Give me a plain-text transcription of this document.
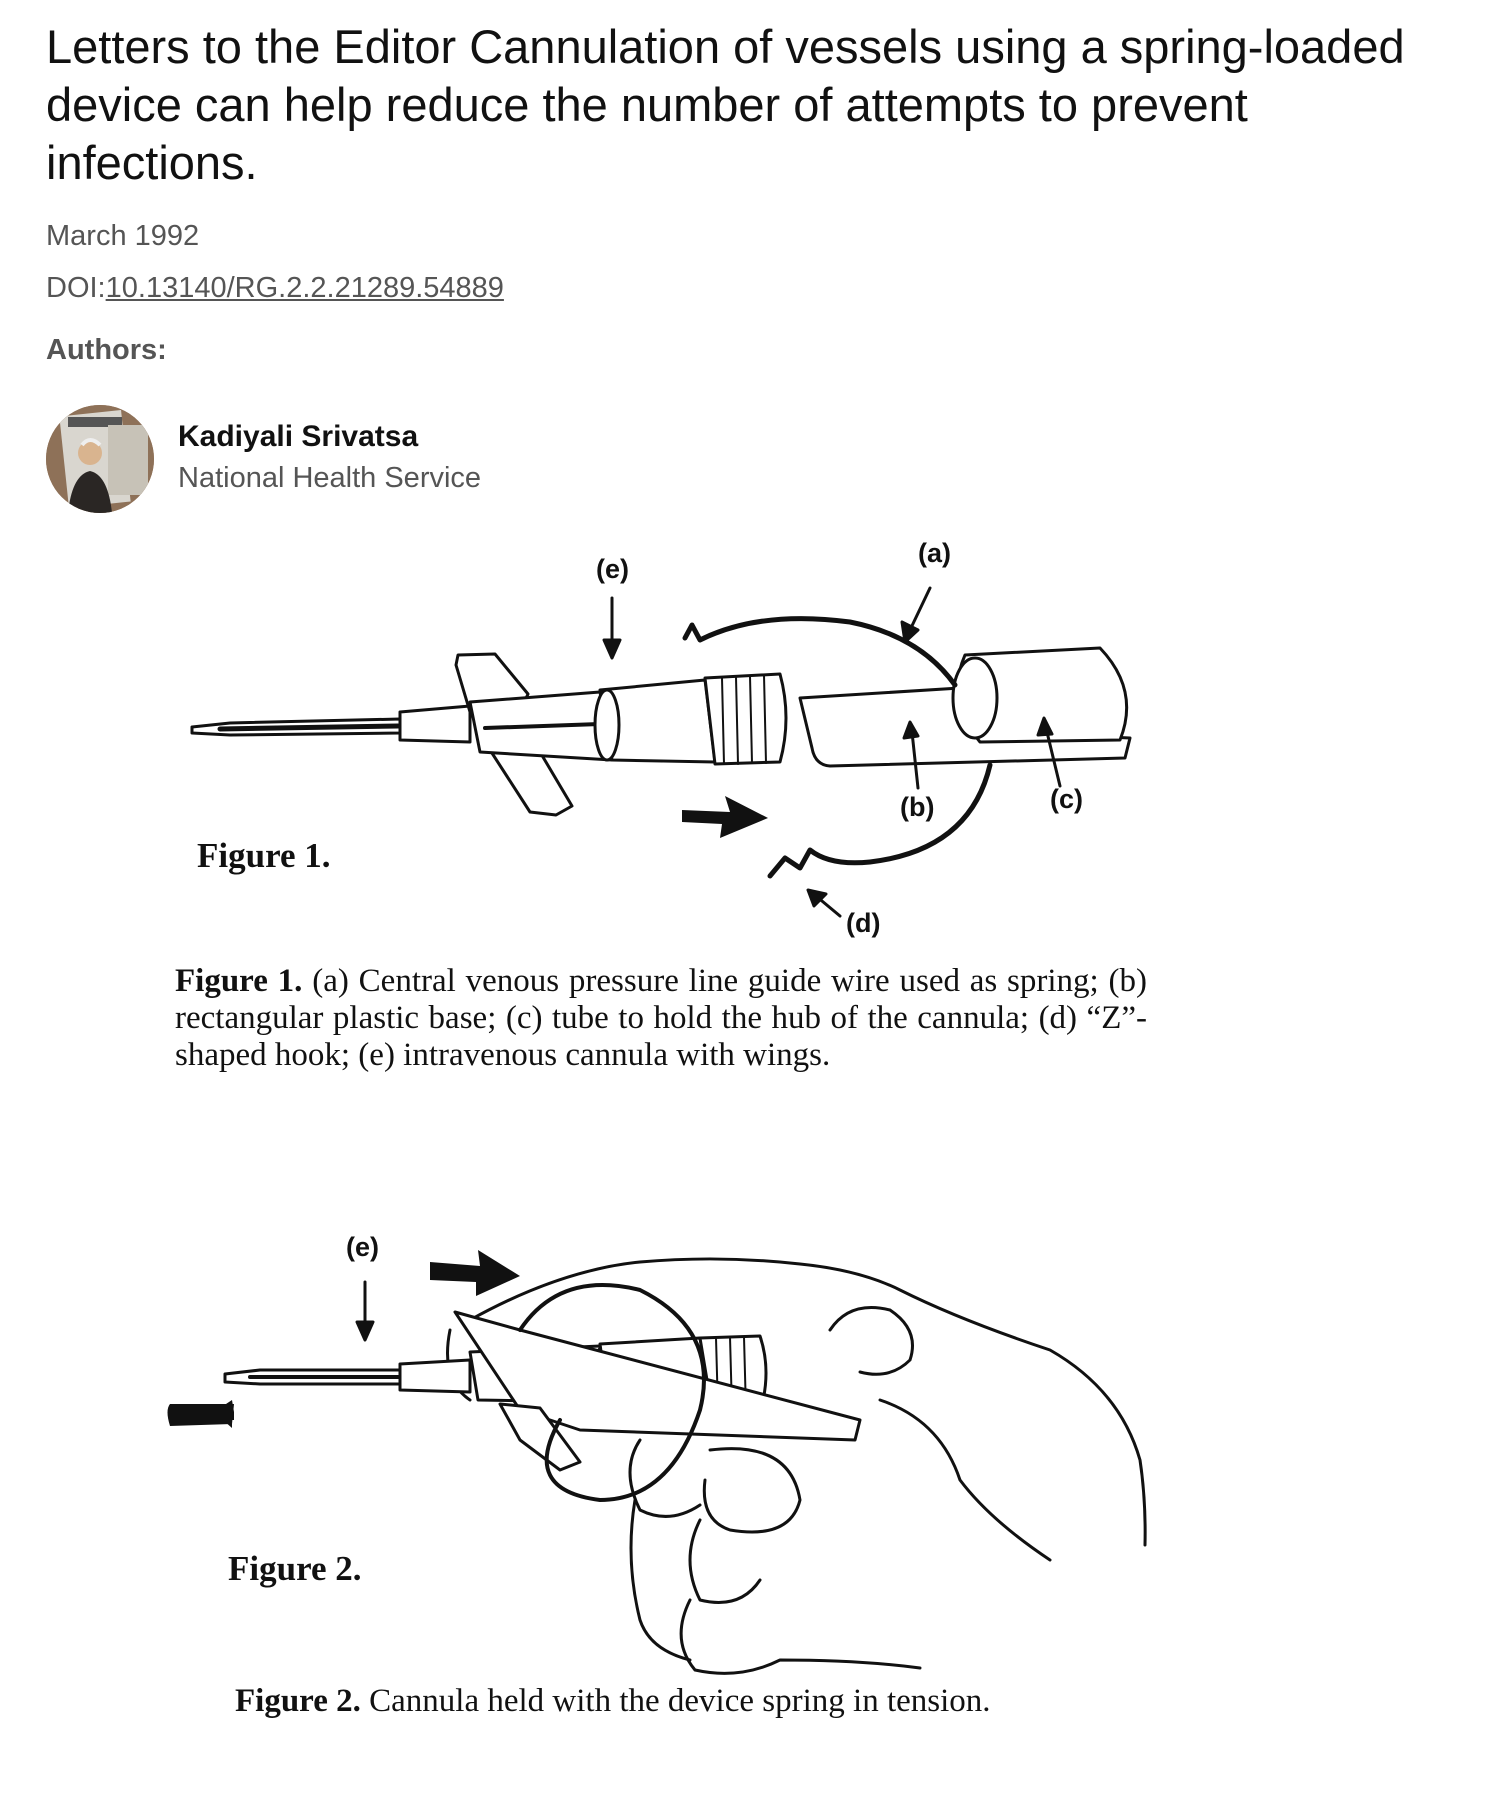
Letters to the Editor Cannulation of vessels using a spring-loaded device can help reduce the number of attempts to prevent infections.
March 1992
DOI:10.13140/RG.2.2.21289.54889
Authors:
Kadiyali Srivatsa
National Health Service
(e)
(a)
(b)	(c)
(d)
Figure 1.
Figure 1. (a) Central venous pressure line guide wire used as spring; (b) rectangular plastic base; (c) tube to hold the hub of the cannula; (d) “Z”-shaped hook; (e) intravenous cannula with wings.
(e)
Figure 2.
Figure 2. Cannula held with the device spring in tension.
